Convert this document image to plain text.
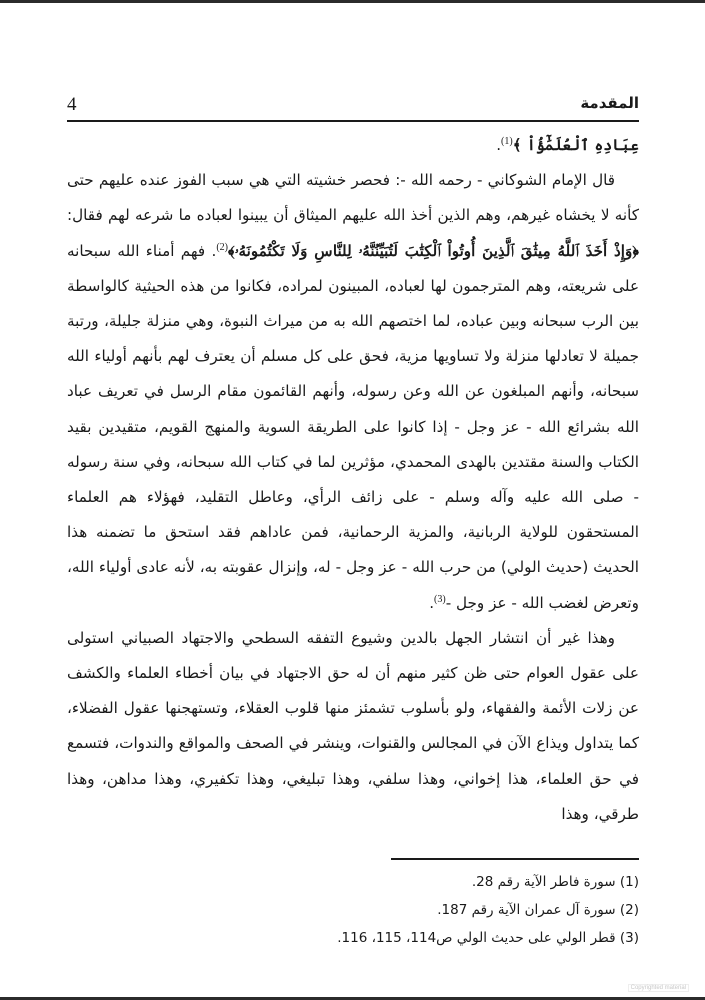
4	المقدمة

عِبَادِهِ ٱلْعُلَمَٰٓؤُاْ ﴾$^{(1)}$.

قال الإمام الشوكاني - رحمه الله -: فحصر خشيته التي هي سبب الفوز عنده عليهم حتى كأنه لا يخشاه غيرهم، وهم الذين أخذ الله عليهم الميثاق أن يبينوا لعباده ما شرعه لهم فقال: ﴿وَإِذْ أَخَذَ ٱللَّهُ مِيثَٰقَ ٱلَّذِينَ أُوتُواْ ٱلْكِتَٰبَ لَتُبَيِّنُنَّهُۥ لِلنَّاسِ وَلَا تَكْتُمُونَهُۥ﴾$^{(2)}$. فهم أمناء الله سبحانه على شريعته، وهم المترجمون لها لعباده، المبينون لمراده، فكانوا من هذه الحيثية كالواسطة بين الرب سبحانه وبين عباده، لما اختصهم الله به من ميراث النبوة، وهي منزلة جليلة، ورتبة جميلة لا تعادلها منزلة ولا تساويها مزية، فحق على كل مسلم أن يعترف لهم بأنهم أولياء الله سبحانه، وأنهم المبلغون عن الله وعن رسوله، وأنهم القائمون مقام الرسل في تعريف عباد الله بشرائع الله - عز وجل - إذا كانوا على الطريقة السوية والمنهج القويم، متقيدين بقيد الكتاب والسنة مقتدين بالهدى المحمدي، مؤثرين لما في كتاب الله سبحانه، وفي سنة رسوله - صلى الله عليه وآله وسلم - على زائف الرأي، وعاطل التقليد، فهؤلاء هم العلماء المستحقون للولاية الربانية، والمزية الرحمانية، فمن عاداهم فقد استحق ما تضمنه هذا الحديث (حديث الولي) من حرب الله - عز وجل - له، وإنزال عقوبته به، لأنه عادى أولياء الله، وتعرض لغضب الله - عز وجل -$^{(3)}$.

وهذا غير أن انتشار الجهل بالدين وشيوع التفقه السطحي والاجتهاد الصبياني استولى على عقول العوام حتى ظن كثير منهم أن له حق الاجتهاد في بيان أخطاء العلماء والكشف عن زلات الأئمة والفقهاء، ولو بأسلوب تشمئز منها قلوب العقلاء، وتستهجنها عقول الفضلاء، كما يتداول ويذاع الآن في المجالس والقنوات، وينشر في الصحف والمواقع والندوات، فتسمع في حق العلماء، هذا إخواني، وهذا سلفي، وهذا تبليغي، وهذا تكفيري، وهذا مداهن، وهذا طرقي، وهذا

(1) سورة فاطر الآية رقم 28.

(2) سورة آل عمران الآية رقم 187.

(3) قطر الولي على حديث الولي ص114، 115، 116.

Copyrighted material
